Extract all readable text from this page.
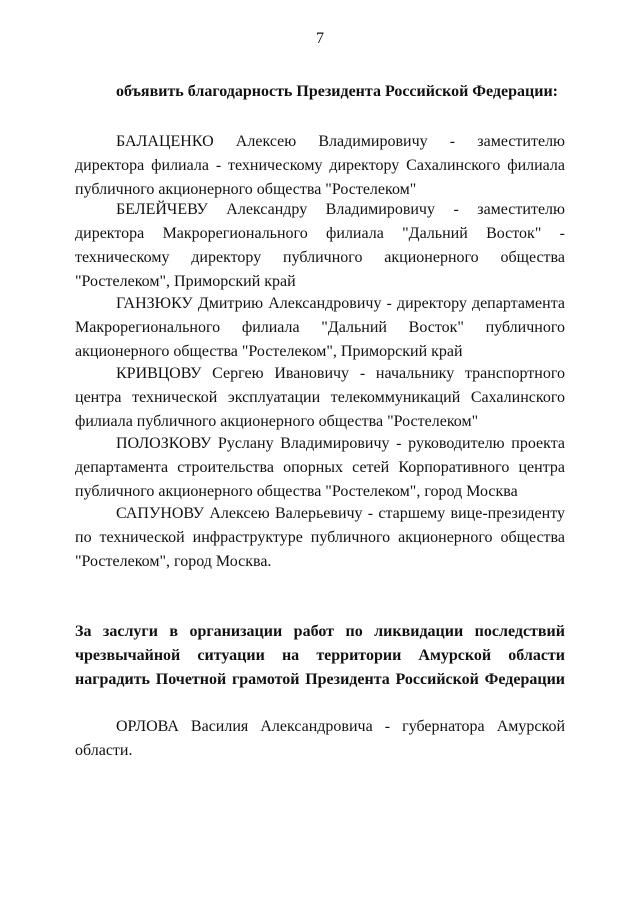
7
объявить благодарность Президента Российской Федерации:
БАЛАЦЕНКО Алексею Владимировичу - заместителю директора филиала - техническому директору Сахалинского филиала публичного акционерного общества "Ростелеком"
БЕЛЕЙЧЕВУ Александру Владимировичу - заместителю директора Макрорегионального филиала "Дальний Восток" - техническому директору публичного акционерного общества "Ростелеком", Приморский край
ГАНЗЮКУ Дмитрию Александровичу - директору департамента Макрорегионального филиала "Дальний Восток" публичного акционерного общества "Ростелеком", Приморский край
КРИВЦОВУ Сергею Ивановичу - начальнику транспортного центра технической эксплуатации телекоммуникаций Сахалинского филиала публичного акционерного общества "Ростелеком"
ПОЛОЗКОВУ Руслану Владимировичу - руководителю проекта департамента строительства опорных сетей Корпоративного центра публичного акционерного общества "Ростелеком", город Москва
САПУНОВУ Алексею Валерьевичу - старшему вице-президенту по технической инфраструктуре публичного акционерного общества "Ростелеком", город Москва.
За заслуги в организации работ по ликвидации последствий чрезвычайной ситуации на территории Амурской области наградить Почетной грамотой Президента Российской Федерации
ОРЛОВА Василия Александровича - губернатора Амурской области.
